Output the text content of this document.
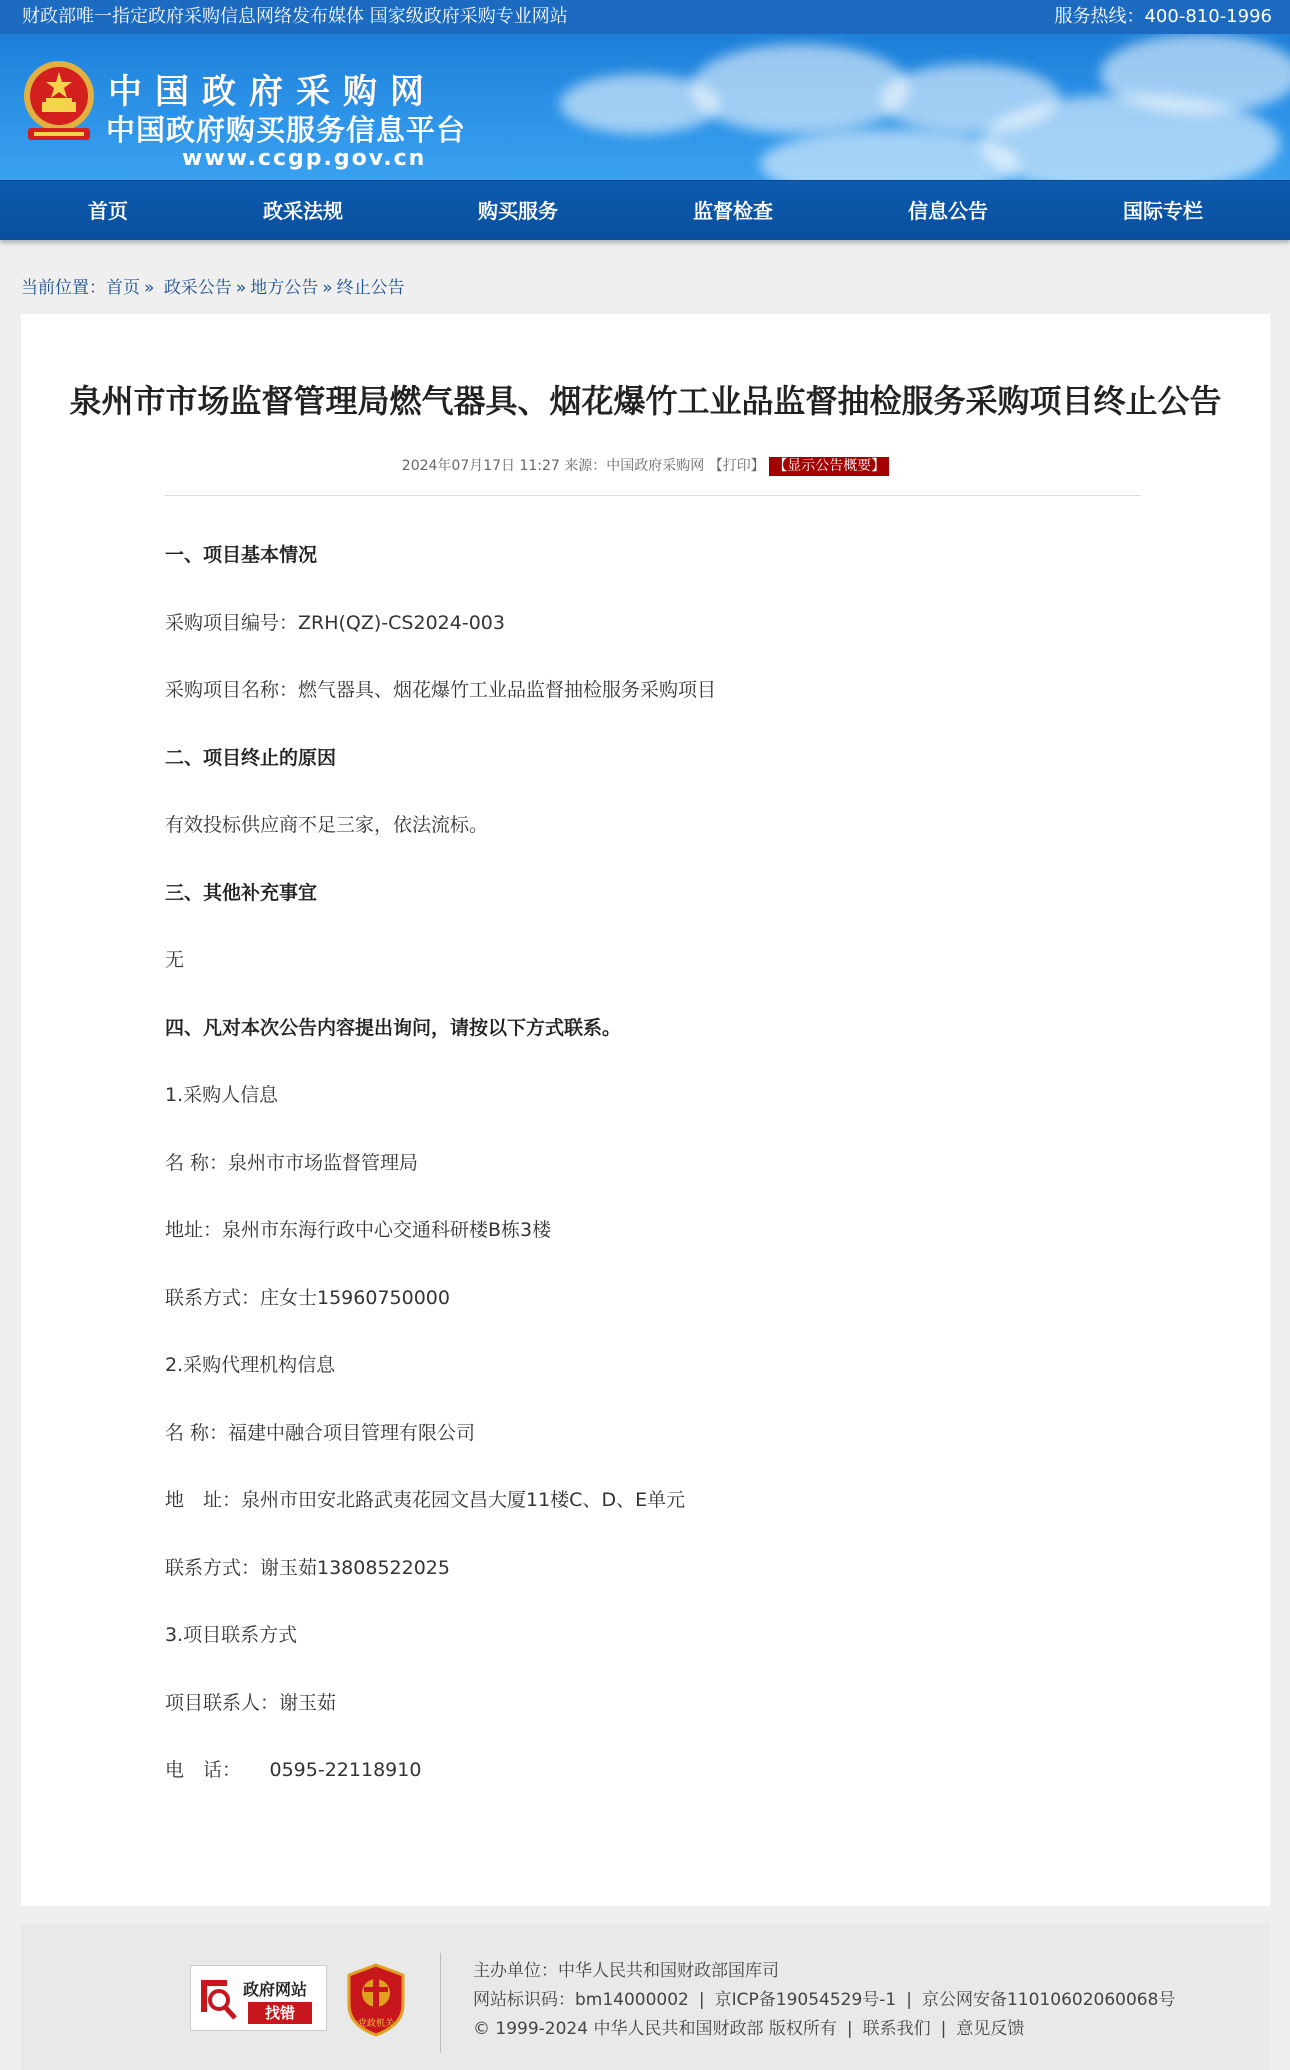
财政部唯一指定政府采购信息网络发布媒体 国家级政府采购专业网站	服务热线：400-810-1996
中国政府采购网
中国政府购买服务信息平台
www.ccgp.gov.cn
首页	政采法规	购买服务	监督检查	信息公告	国际专栏
当前位置：首页 » 政采公告 » 地方公告 » 终止公告
泉州市市场监督管理局燃气器具、烟花爆竹工业品监督抽检服务采购项目终止公告
2024年07月17日 11:27 来源：中国政府采购网 【打印】 【显示公告概要】

一、项目基本情况

采购项目编号：ZRH(QZ)-CS2024-003

采购项目名称：燃气器具、烟花爆竹工业品监督抽检服务采购项目

二、项目终止的原因

有效投标供应商不足三家，依法流标。

三、其他补充事宜

无

四、凡对本次公告内容提出询问，请按以下方式联系。

1.采购人信息

名 称：泉州市市场监督管理局

地址：泉州市东海行政中心交通科研楼B栋3楼

联系方式：庄女士15960750000

2.采购代理机构信息

名 称：福建中融合项目管理有限公司

地　址：泉州市田安北路武夷花园文昌大厦11楼C、D、E单元

联系方式：谢玉茹13808522025

3.项目联系方式

项目联系人：谢玉茹

电　话：　　0595-22118910

政府网站
找错
党政机关
主办单位：中华人民共和国财政部国库司
网站标识码：bm14000002 | 京ICP备19054529号-1 | 京公网安备11010602060068号
© 1999-2024 中华人民共和国财政部 版权所有 | 联系我们 | 意见反馈
